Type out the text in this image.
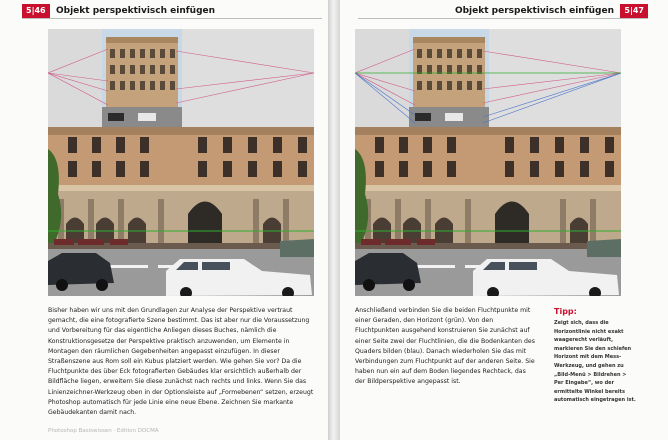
5|46	Objekt perspektivisch einfügen

Bisher haben wir uns mit den Grundlagen zur Analyse der Perspektive vertraut gemacht, die eine fotografierte Szene bestimmt. Das ist aber nur die Voraussetzung und Vorbereitung für das eigentliche Anliegen dieses Buches, nämlich die Konstruktionsgesetze der Perspektive praktisch anzuwenden, um Elemente in Montagen den räumlichen Gegebenheiten angepasst einzufügen. In dieser Straßenszene aus Rom soll ein Kubus platziert werden. Wie gehen Sie vor? Da die Fluchtpunkte des über Eck fotografierten Gebäudes klar ersichtlich außerhalb der Bildfläche liegen, erweitern Sie diese zunächst nach rechts und links. Wenn Sie das Linienzeichner-Werkzeug oben in der Optionsleiste auf „Formebenen“ setzen, erzeugt Photoshop automatisch für jede Linie eine neue Ebene. Zeichnen Sie markante Gebäudekanten damit nach.

Photoshop Basiswissen · Edition DOCMA
Objekt perspektivisch einfügen	5|47

Anschließend verbinden Sie die beiden Fluchtpunkte mit einer Geraden, den Horizont (grün). Von den Fluchtpunkten ausgehend konstruieren Sie zunächst auf einer Seite zwei der Fluchtlinien, die die Bodenkanten des Quaders bilden (blau). Danach wiederholen Sie das mit Verbindungen zum Fluchtpunkt auf der anderen Seite. Sie haben nun ein auf dem Boden liegendes Rechteck, das der Bildperspektive angepasst ist.

Tipp:

Zeigt sich, dass die Horizontlinie nicht exakt waagerecht verläuft, markieren Sie den schiefen Horizont mit dem Mess-Werkzeug, und gehen zu „Bild-Menü > Bildrehen > Per Eingabe“, wo der ermittelte Winkel bereits automatisch eingetragen ist.
